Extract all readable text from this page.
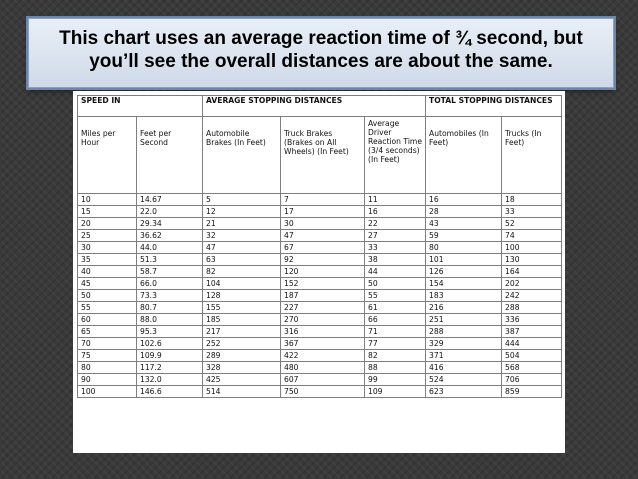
This chart uses an average reaction time of ¾ second, but you’ll see the overall distances are about the same.

SPEED IN		AVERAGE STOPPING DISTANCES			TOTAL STOPPING DISTANCES	
Miles per Hour	Feet per Second	Automobile Brakes (In Feet)	Truck Brakes (Brakes on All Wheels) (In Feet)	Average Driver Reaction Time (3/4 seconds) (In Feet)	Automobiles (In Feet)	Trucks (In Feet)
10	14.67	5	7	11	16	18
15	22.0	12	17	16	28	33
20	29.34	21	30	22	43	52
25	36.62	32	47	27	59	74
30	44.0	47	67	33	80	100
35	51.3	63	92	38	101	130
40	58.7	82	120	44	126	164
45	66.0	104	152	50	154	202
50	73.3	128	187	55	183	242
55	80.7	155	227	61	216	288
60	88.0	185	270	66	251	336
65	95.3	217	316	71	288	387
70	102.6	252	367	77	329	444
75	109.9	289	422	82	371	504
80	117.2	328	480	88	416	568
90	132.0	425	607	99	524	706
100	146.6	514	750	109	623	859
